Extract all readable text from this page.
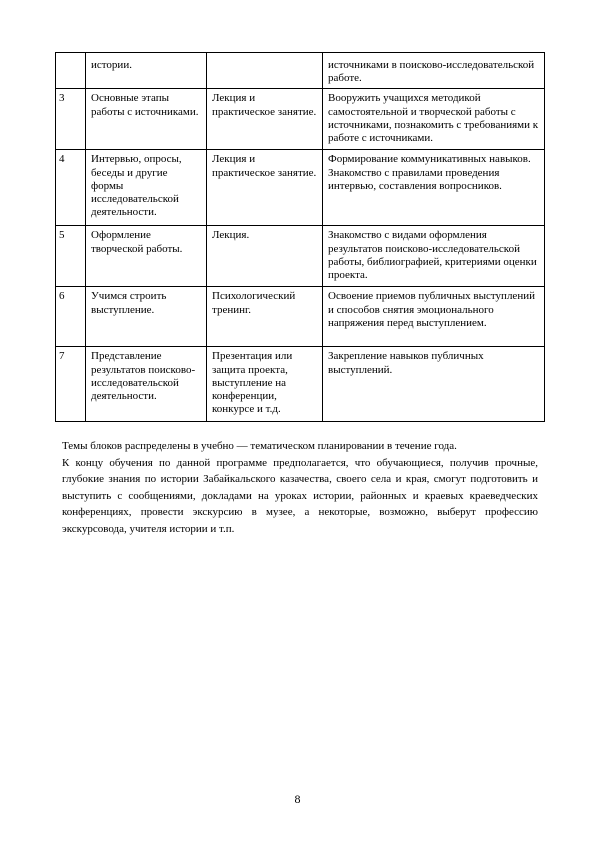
	истории.		источниками в поисково-исследовательской работе.

3	Основные этапы работы с источниками.	Лекция и практическое занятие.	Вооружить учащихся методикой самостоятельной и творческой работы с источниками, познакомить с требованиями к работе с источниками.

4	Интервью, опросы, беседы и другие формы исследовательской деятельности.	Лекция и практическое занятие.	Формирование коммуникативных навыков. Знакомство с правилами проведения интервью, составления вопросников.

5	Оформление творческой работы.	Лекция.	Знакомство с видами оформления результатов поисково-исследовательской работы, библиографией, критериями оценки проекта.

6	Учимся строить выступление.	Психологический тренинг.	Освоение приемов публичных выступлений и способов снятия эмоционального напряжения перед выступлением.

7	Представление результатов поисково-исследовательской деятельности.	Презентация или защита проекта, выступление на конференции, конкурсе и т.д.	Закрепление навыков публичных выступлений.

Темы блоков распределены в учебно — тематическом планировании в течение года.

К концу обучения по данной программе предполагается, что обучающиеся, получив прочные, глубокие знания по истории Забайкальского казачества, своего села и края, смогут подготовить и выступить с сообщениями, докладами на уроках истории, районных и краевых краеведческих конференциях, провести экскурсию в музее, а некоторые, возможно, выберут профессию экскурсовода, учителя истории и т.п.

8
